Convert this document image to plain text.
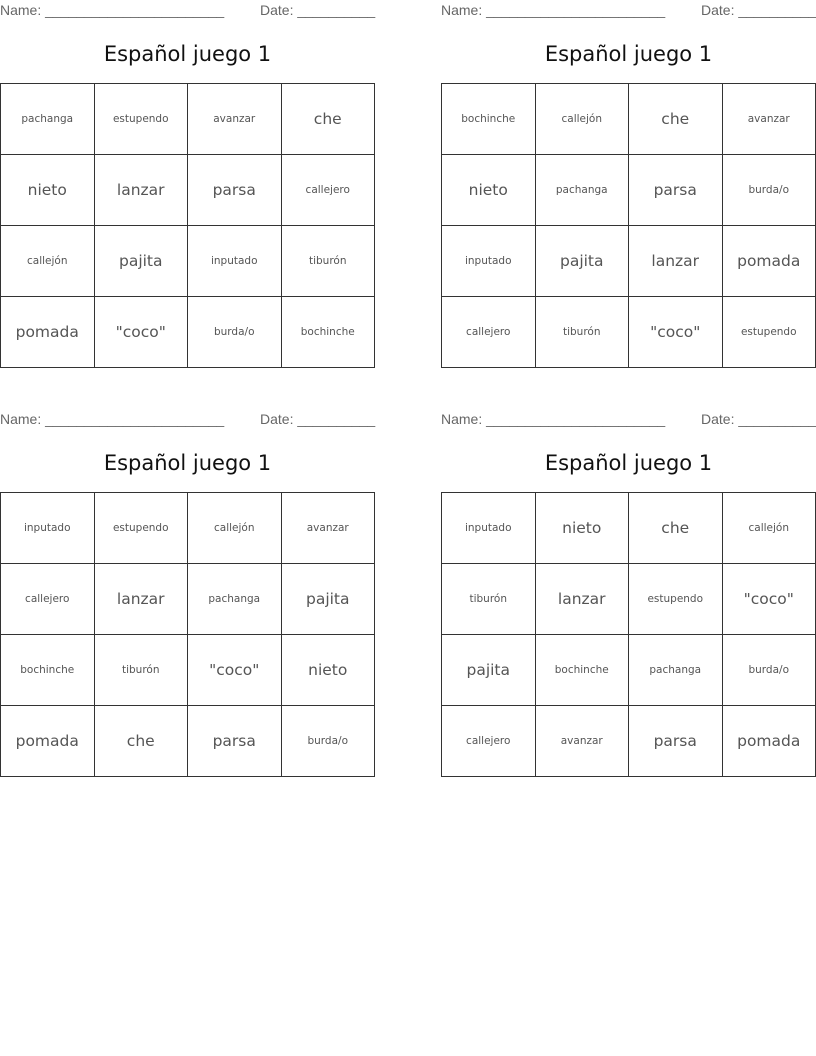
Name: _______________________	Date: __________
Español juego 1
pachanga	estupendo	avanzar	che
nieto	lanzar	parsa	callejero
callejón	pajita	inputado	tiburón
pomada	"coco"	burda/o	bochinche
Name: _______________________	Date: __________
Español juego 1
bochinche	callejón	che	avanzar
nieto	pachanga	parsa	burda/o
inputado	pajita	lanzar	pomada
callejero	tiburón	"coco"	estupendo
Name: _______________________	Date: __________
Español juego 1
inputado	estupendo	callejón	avanzar
callejero	lanzar	pachanga	pajita
bochinche	tiburón	"coco"	nieto
pomada	che	parsa	burda/o
Name: _______________________	Date: __________
Español juego 1
inputado	nieto	che	callejón
tiburón	lanzar	estupendo	"coco"
pajita	bochinche	pachanga	burda/o
callejero	avanzar	parsa	pomada
